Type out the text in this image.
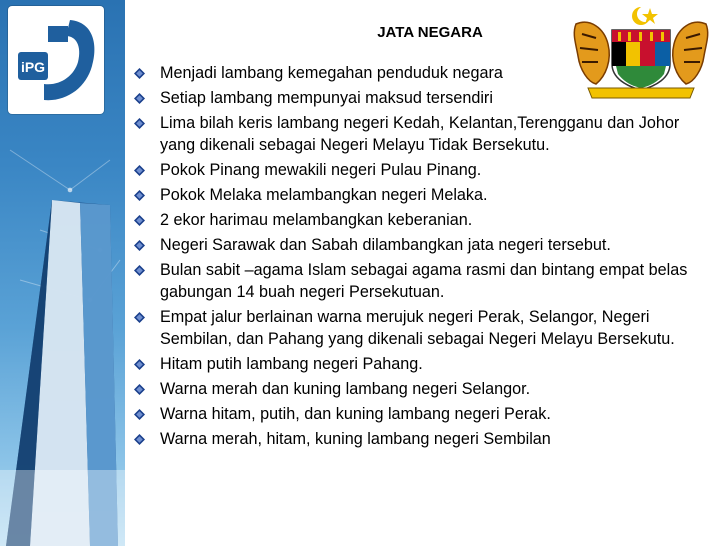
iPG
JATA NEGARA
Menjadi lambang kemegahan penduduk negara
Setiap lambang mempunyai maksud tersendiri
Lima bilah keris lambang negeri Kedah, Kelantan,Terengganu dan Johor yang dikenali sebagai Negeri Melayu Tidak Bersekutu.
Pokok Pinang mewakili negeri Pulau Pinang.
Pokok Melaka melambangkan negeri Melaka.
2 ekor harimau melambangkan keberanian.
Negeri Sarawak dan Sabah dilambangkan jata negeri tersebut.
Bulan sabit –agama Islam sebagai agama rasmi dan bintang empat belas gabungan 14 buah negeri Persekutuan.
Empat jalur berlainan warna merujuk negeri Perak, Selangor, Negeri Sembilan, dan Pahang yang dikenali sebagai Negeri Melayu Bersekutu.
Hitam putih lambang negeri Pahang.
Warna merah dan kuning lambang negeri Selangor.
Warna hitam, putih, dan kuning lambang negeri Perak.
Warna merah, hitam, kuning lambang negeri Sembilan
